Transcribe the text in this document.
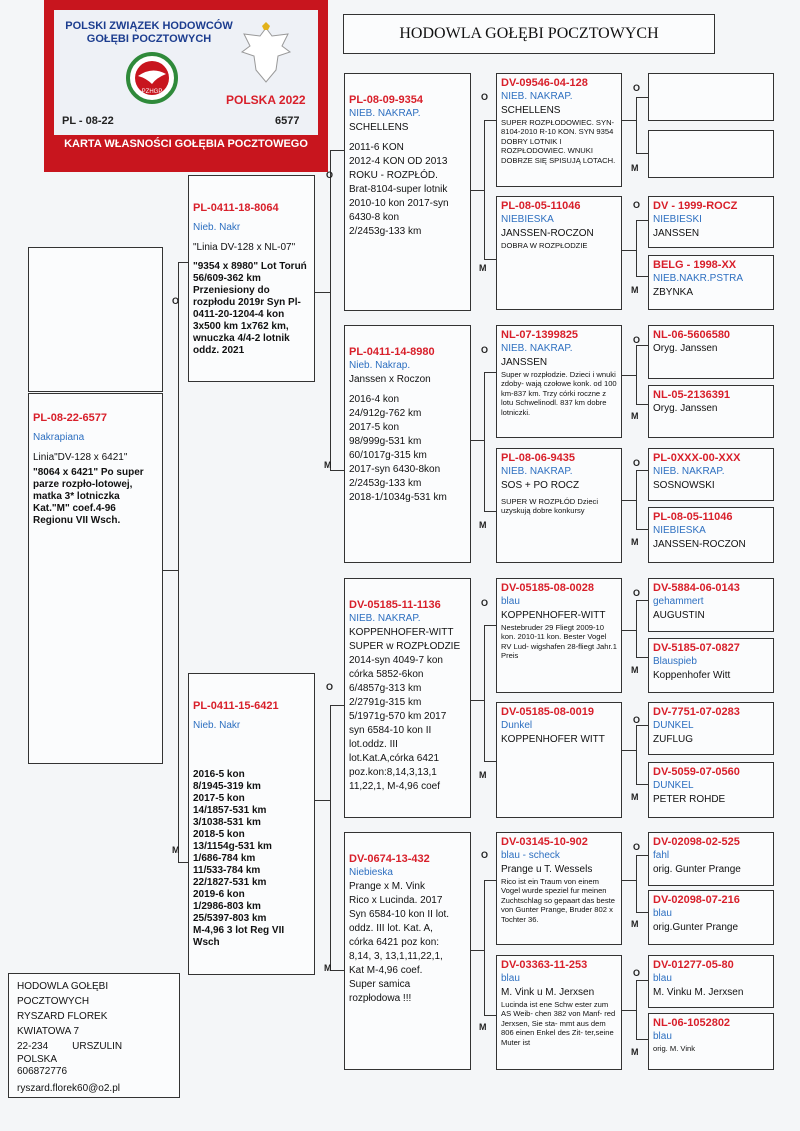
POLSKI ZWIĄZEK HODOWCÓW GOŁĘBI POCZTOWYCH
PZHGP
POLSKA 2022
PL - 08-22	6577
KARTA WŁASNOŚCI GOŁĘBIA POCZTOWEGO
HODOWLA GOŁĘBI POCZTOWYCH
O
M
O
M
O
M
O
M
O
M
O
M
O
M
O
M
O
M
O
M
O
M
O
M
O
M
O
M
O
M
PL-08-22-6577
Nakrapiana
Linia"DV-128 x 6421"
"8064 x 6421" Po super parze rozpło-lotowej, matka 3* lotniczka Kat."M" coef.4-96 Regionu VII Wsch.
PL-0411-18-8064
Nieb. Nakr
"Linia DV-128 x NL-07"
"9354 x 8980" Lot Toruń 56/609-362 km Przeniesiony do rozpłodu 2019r Syn Pl-0411-20-1204-4 kon 3x500 km 1x762 km, wnuczka 4/4-2 lotnik oddz. 2021
PL-0411-15-6421
Nieb. Nakr
2016-5 kon
8/1945-319 km
2017-5 kon
14/1857-531 km
3/1038-531 km
2018-5 kon
13/1154g-531 km
1/686-784 km
11/533-784 km
22/1827-531 km
2019-6 kon
1/2986-803 km
25/5397-803 km
M-4,96 3 lot Reg VII Wsch
PL-08-09-9354
NIEB. NAKRAP.
SCHELLENS
2011-6 KON
2012-4 KON OD 2013 ROKU - ROZPŁÓD.
Brat-8104-super lotnik
2010-10 kon 2017-syn
6430-8 kon
2/2453g-133 km
PL-0411-14-8980
Nieb. Nakrap.
Janssen x Roczon
2016-4 kon
24/912g-762 km
2017-5 kon
98/999g-531 km
60/1017g-315 km
2017-syn 6430-8kon
2/2453g-133 km
2018-1/1034g-531 km
DV-05185-11-1136
NIEB. NAKRAP.
KOPPENHOFER-WITT
SUPER w ROZPŁODZIE
2014-syn 4049-7 kon
córka 5852-6kon
6/4857g-313 km
2/2791g-315 km
5/1971g-570 km 2017
syn 6584-10 kon II
lot.oddz. III
lot.Kat.A,córka 6421
poz.kon:8,14,3,13,1
11,22,1, M-4,96 coef
DV-0674-13-432
Niebieska
Prange x M. Vink
Rico x Lucinda. 2017
Syn 6584-10 kon II lot.
oddz. III lot. Kat. A,
córka 6421 poz kon:
8,14, 3, 13,1,11,22,1,
Kat M-4,96 coef.
Super samica
rozpłodowa !!!
DV-09546-04-128
NIEB. NAKRAP.
SCHELLENS
SUPER ROZPŁODOWIEC. SYN-8104-2010 R-10 KON. SYN 9354 DOBRY LOTNIK I ROZPŁODOWIEC. WNUKI DOBRZE SIĘ SPISUJĄ LOTACH.
PL-08-05-11046
NIEBIESKA
JANSSEN-ROCZON
DOBRA W ROZPŁODZIE
NL-07-1399825
NIEB. NAKRAP.
JANSSEN
Super w rozpłodzie. Dzieci i wnuki zdoby- wają czołowe konk. od 100 km-837 km. Trzy córki roczne z lotu Schwelinodl. 837 km dobre lotniczki.
PL-08-06-9435
NIEB. NAKRAP.
SOS + PO ROCZ
SUPER W ROZPŁÓD Dzieci uzyskują dobre konkursy
DV-05185-08-0028
blau
KOPPENHOFER-WITT
Nestebruder 29 Fliegt 2009-10 kon. 2010-11 kon. Bester Vogel RV Lud- wigshafen 28-fliegt Jahr.1 Preis
DV-05185-08-0019
Dunkel
KOPPENHOFER WITT
DV-03145-10-902
blau - scheck
Prange u T. Wessels
Rico ist ein Traum von einem Vogel wurde speziel fur meinen Zuchtschlag so gepaart das beste von Gunter Prange, Bruder 802 x Tochter 36.
DV-03363-11-253
blau
M. Vink u M. Jerxsen
Lucinda ist ene Schw ester zum AS Weib- chen 382 von Manf- red Jerxsen, Sie sta- mmt aus dem 806 einen Enkel des Zit- ter,seine Muter ist
DV - 1999-ROCZ
NIEBIESKI
JANSSEN
BELG - 1998-XX
NIEB.NAKR.PSTRA
ZBYNKA
NL-06-5606580
Oryg. Janssen
NL-05-2136391
Oryg. Janssen
PL-0XXX-00-XXX
NIEB. NAKRAP.
SOSNOWSKI
PL-08-05-11046
NIEBIESKA
JANSSEN-ROCZON
DV-5884-06-0143
gehammert
AUGUSTIN
DV-5185-07-0827
Blauspieb
Koppenhofer Witt
DV-7751-07-0283
DUNKEL
ZUFLUG
DV-5059-07-0560
DUNKEL
PETER ROHDE
DV-02098-02-525
fahl
orig. Gunter Prange
DV-02098-07-216
blau
orig.Gunter Prange
DV-01277-05-80
blau
M. Vinku M. Jerxsen
NL-06-1052802
blau
orig. M. Vink
HODOWLA GOŁĘBI POCZTOWYCH
RYSZARD FLOREK
KWIATOWA 7
22-234 URSZULIN
POLSKA
606872776
ryszard.florek60@o2.pl
